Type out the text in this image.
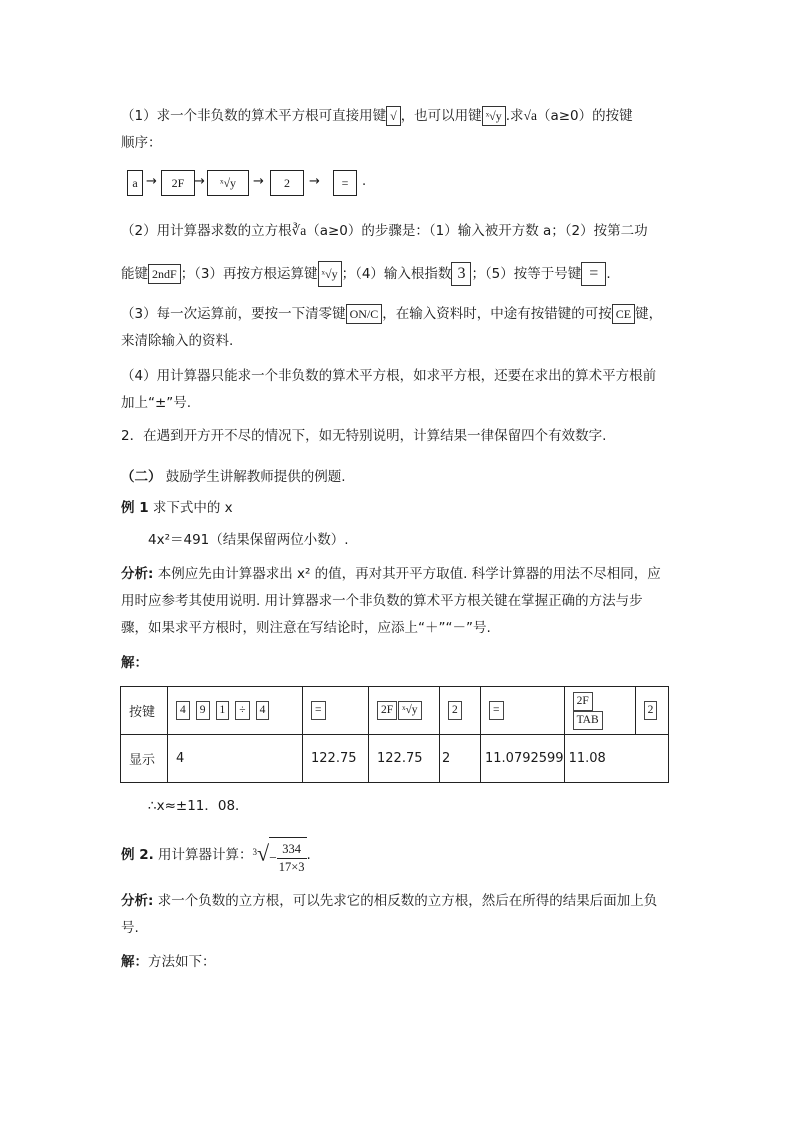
（1）求一个非负数的算术平方根可直接用键 √ ，也可以用键 ˣ√y .求√a（a≥0）的按键
顺序：
a →	2F →	ˣ√y	→	2	→	=	.
（2）用计算器求数的立方根∛a（a≥0）的步骤是：（1）输入被开方数 a；（2）按第二功
能键 2ndF ；（3）再按方根运算键 ˣ√y ；（4）输入根指数 3 ；（5）按等于号键 = .
（3）每一次运算前，要按一下清零键 ON/C ，在输入资料时，中途有按错键的可按 CE 键，
来清除输入的资料.
（4）用计算器只能求一个非负数的算术平方根，如求平方根，还要在求出的算术平方根前
加上“±”号.
2．在遇到开方开不尽的情况下，如无特别说明，计算结果一律保留四个有效数字.
（二） 鼓励学生讲解教师提供的例题.
例 1 求下式中的 x
4x²＝491（结果保留两位小数）.
分析: 本例应先由计算器求出 x² 的值，再对其开平方取值. 科学计算器的用法不尽相同，应
用时应参考其使用说明. 用计算器求一个非负数的算术平方根关键在掌握正确的方法与步
骤，如果求平方根时，则注意在写结论时，应添上“＋”“－”号.
解：
按键	4 9 1 ÷ 4	=	2F ˣ√y	2	=	2FTAB	2
显示	4	122.75	122.75	2	11.0792599	11.08	
∴x≈±11．08．
例 2. 用计算器计算：$^3√- \frac{334}{17\times 3}$ .
分析: 求一个负数的立方根，可以先求它的相反数的立方根，然后在所得的结果后面加上负
号.
解：方法如下：
